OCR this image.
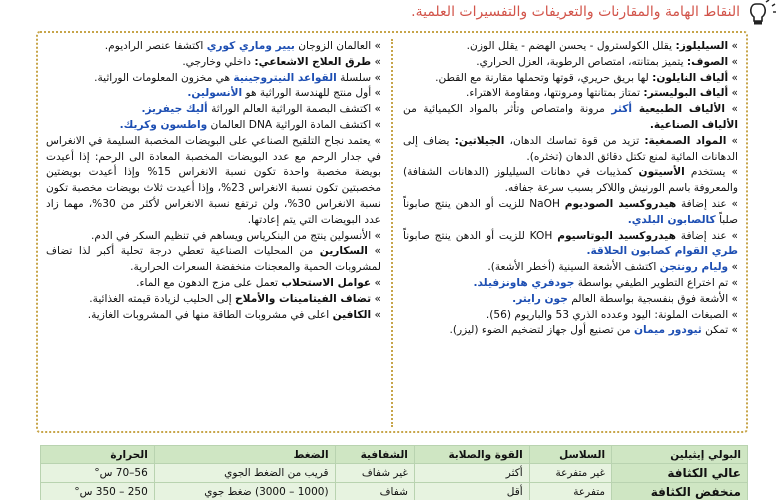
النقاط الهامة والمقارنات والتعريفات والتفسيرات العلمية.

» السيليلوز: يقلل الكولسترول - يحسن الهضم - يقلل الوزن.

» الصوف: يتميز بمتانته، امتصاص الرطوبة، العزل الحراري.

» ألياف النايلون: لها بريق حريري، قوتها وتحملها مقارنة مع القطن.

» ألياف البوليستر: تمتاز بمتانتها ومرونتها، ومقاومة الاهتراء.

» الألياف الطبيعية أكثر مرونة وامتصاص وتأثر بالمواد الكيميائية من الألياف الصناعية.

» المواد الصمغية: تزيد من قوة تماسك الدهان، الجيلاتين: يضاف إلى الدهانات المائية لمنع تكتل دقائق الدهان (تخثره).

» يستخدم الأسيتون كمذيبات في دهانات السيليلوز (الدهانات الشفافة) والمعروفة باسم الورنيش واللاكر بسبب سرعة جفافه.

» عند إضافة هيدروكسيد الصوديوم NaOH للزيت أو الدهن ينتج صابوناً صلباً كالصابون البلدي.

» عند إضافة هيدروكسيد البوتاسيوم KOH للزيت أو الدهن ينتج صابوناً طري القوام كصابون الحلاقة.

» وليام رونتجن اكتشف الأشعة السينية (أخطر الأشعة).

» تم اختراع التطوير الطيفي بواسطة جودفري هاونزفيلد.

» الأشعة فوق بنفسجية بواسطة العالم جون رايتر.

» الصبغات الملونة: اليود وعدده الذري 53 والباريوم (56).

» تمكن ثيودور ميمان من تصنيع أول جهاز لتضخيم الضوء (ليزر).

» العالمان الزوجان بيير وماري كوري اكتشفا عنصر الراديوم.

» طرق العلاج الاشعاعي: داخلي وخارجي.

» سلسلة القواعد النيتروجينية هي مخزون المعلومات الوراثية.

» أول منتج للهندسة الوراثية هو الأنسولين.

» اكتشف البصمة الوراثية العالم الوراثة أليك جيفريز.

» اكتشف المادة الوراثية DNA العالمان واطسون وكريك.

» يعتمد نجاح التلقيح الصناعي على البويضات المخصبة السليمة في الانغراس في جدار الرحم مع عدد البويضات المخصبة المعادة الى الرحم: إذا أعيدت بويضة مخصبة واحدة تكون نسبة الانغراس 15% وإذا أعيدت بويضتين مخصبتين تكون نسبة الانغراس 23%، وإذا أعيدت ثلاث بويضات مخصبة تكون نسبة الانغراس 30%، ولن ترتفع نسبة الانغراس لأكثر من 30%، مهما زاد عدد البويضات التي يتم إعادتها.

» الأنسولين ينتج من البنكرياس ويساهم في تنظيم السكر في الدم.

» السكارين من المحليات الصناعية تعطي درجة تحلية أكبر لذا تضاف لمشروبات الحمية والمعجنات منخفضة السعرات الحرارية.

» عوامل الاستحلاب تعمل على مزج الدهون مع الماء.

» تضاف الفيتامينات والأملاح إلى الحليب لزيادة قيمته الغذائية.

» الكافين اعلى في مشروبات الطاقة منها في المشروبات الغازية.

البولي إيثيلين	السلاسل	القوة والصلابة	الشفافية	الضغط	الحرارة
عالي الكثافة	غير متفرعة	أكثر	غير شفاف	قريب من الضغط الجوي	56–70 س°
منخفض الكثافة	متفرعة	أقل	شفاف	(1000 – 3000) ضغط جوي	250 – 350 س°
